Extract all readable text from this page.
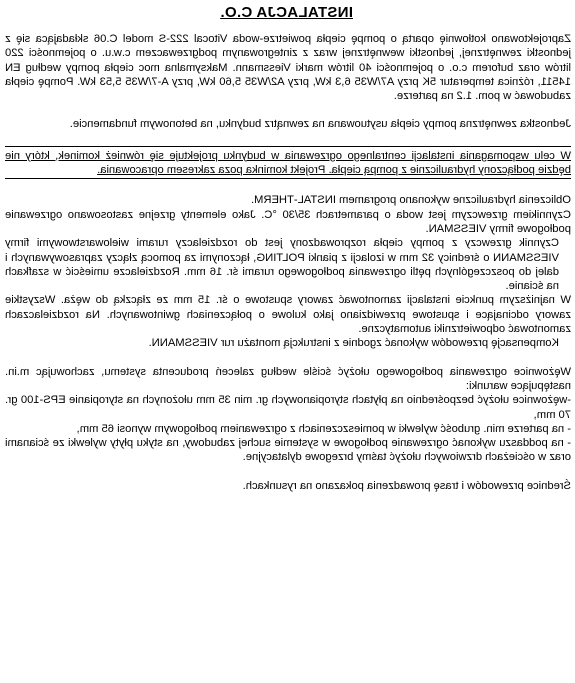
INSTALACJA C.O.

Zaprojektowano kotłownię opartą o pompę ciepła powietrze-woda Vitocal 222-S model C.06 składająca się z jednostki zewnętrznej, jednostki wewnętrznej wraz z zintegrowanym podgrzewaczem c.w.u. o pojemności 220 litrów oraz buforem c.o. o pojemności 40 litrów marki Viessmann. Maksymalna moc ciepła pompy według EN 14511, różnica temperatur 5K przy A7/W35 6,3 kW, przy A2/W35 5,60 kW, przy A-7/W35 5,53 kW. Pompę ciepła zabudować w pom. 1.2 na parterze.

Jednostka zewnętrzna pompy ciepła usytuowana na zewnątrz budynku, na betonowym fundamencie.

W celu wspomagania instalacji centralnego ogrzewania w budynku projektuje się również kominek, który nie będzie podłączony hydraulicznie z pompą ciepła. Projekt kominka poza zakresem opracowania.

Obliczenia hydrauliczne wykonano programem INSTAL-THERM.

Czynnikiem grzewczym jest woda o parametrach 35/30 °C. Jako elementy grzejne zastosowano ogrzewanie podłogowe firmy VIESSMAN.

Czynnik grzewczy z pompy ciepła rozprowadzony jest do rozdzielaczy rurami wielowarstwowymi firmy VIESSMANN o średnicy 32 mm w izolacji z pianki POLTING, łączonymi za pomocą złączy zaprasowywanych i dalej do poszczególnych pętli ogrzewania podłogowego rurami śr. 16 mm. Rozdzielacze umieścić w szafkach na ścianie.

W najniższym punkcie instalacji zamontować zawory spustowe o śr. 15 mm ze złączką do węża. Wszystkie zawory odcinające i spustowe przewidziano jako kulowe o połączeniach gwintowanych. Na rozdzielaczach zamontować odpowietrzniki automatyczne.

Kompensację przewodów wykonać zgodnie z instrukcją montażu rur VIESSMANN.

Wężownice ogrzewania podłogowego ułożyć ściśle według zaleceń producenta systemu, zachowując m.in. następujące warunki:

-wężownice ułożyć bezpośrednio na płytach styropianowych gr. min 35 mm ułożonych na styropianie EPS-100 gr. 70 mm,

- na parterze min. grubość wylewki w pomieszczeniach z ogrzewaniem podłogowym wynosi 65 mm,

- na poddaszu wykonać ogrzewanie podłogowe w systemie suchej zabudowy, na styku płyty wylewki ze ścianami oraz w ościeżach drzwiowych ułożyć taśmy brzegowe dylatacyjne.

Średnice przewodów i trasę prowadzenia pokazano na rysunkach.
